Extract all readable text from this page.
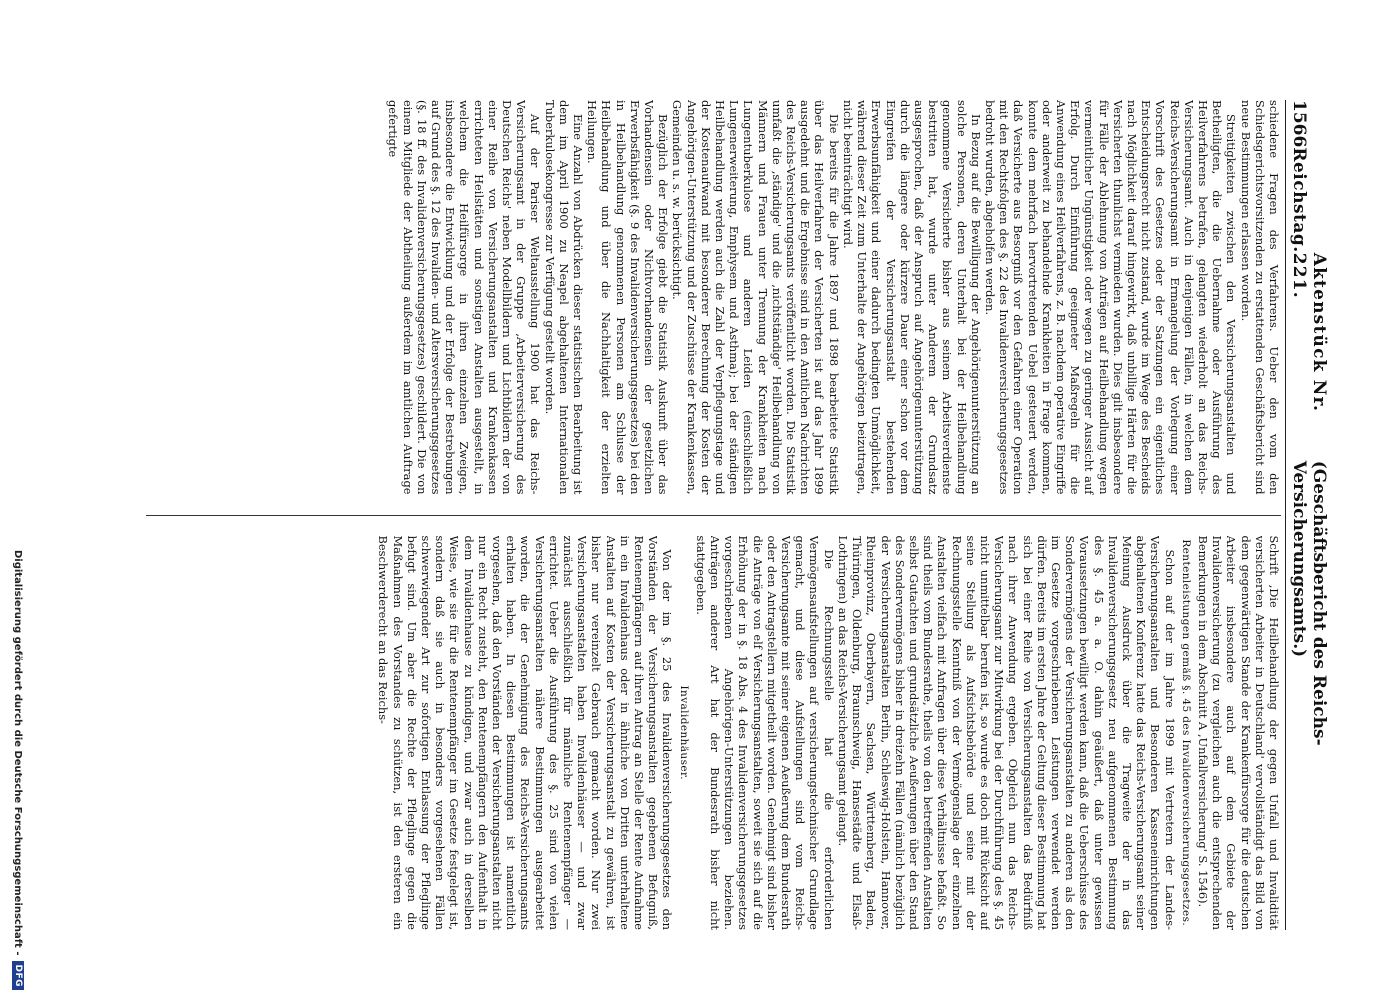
1566
Reichstag.
Aktenstück Nr. 221.
(Geschäftsbericht des Reichs-Versicherungsamts.)

schiedene Fragen des Verfahrens. Ueber den vom den Schiedsgerichtsvorsitzenden zu erstattenden Geschäftsbericht sind neue Bestimmungen erlassen worden.

Streitigkeiten zwischen den Versicherungsanstalten und Betheiligten, die die Uebernahme oder Ausführung des Heilverfahrens betrafen, gelangten wiederholt an das Reichs-Versicherungsamt. Auch in denjenigen Fällen, in welchen dem Reichs-Versicherungsamt in Ermangelung der Vorlegung einer Vorschrift des Gesetzes oder der Satzungen ein eigentliches Entscheidungsrecht nicht zustand, wurde im Wege des Bescheids nach Möglichkeit darauf hingewirkt, daß unbillige Härten für die Versicherten thunlichst vermieden wurden. Dies gilt insbesondere für Fälle der Ablehnung von Anträgen auf Heilbehandlung wegen vermeintlicher Ungünstigkeit oder wegen zu geringer Aussicht auf Erfolg. Durch Einführung geeigneter Maßregeln für die Anwendung eines Heilverfahrens, z. B. nachdem operative Eingriffe oder anderweit zu behandelnde Krankheiten in Frage kommen, konnte dem mehrfach hervortretenden Uebel gesteuert werden, daß Versicherte aus Besorgniß vor den Gefahren einer Operation mit den Rechtsfolgen des §. 22 des Invalidenversicherungsgesetzes bedroht wurden, abgeholfen werden.

In Bezug auf die Bewilligung der Angehörigenunterstützung an solche Personen, deren Unterhalt bei der Heilbehandlung genommene Versicherte bisher aus seinem Arbeitsverdienste bestritten hat, wurde unter Anderem der Grundsatz ausgesprochen, daß der Anspruch auf Angehörigenunterstützung durch die längere oder kürzere Dauer einer schon vor dem Eingreifen der Versicherungsanstalt bestehenden Erwerbsunfähigkeit und einer dadurch bedingten Unmöglichkeit, während dieser Zeit zum Unterhalte der Angehörigen beizutragen, nicht beeinträchtigt wird.

Die bereits für die Jahre 1897 und 1898 bearbeitete Statistik über das Heilverfahren der Versicherten ist auf das Jahr 1899 ausgedehnt und die Ergebnisse sind in den Amtlichen Nachrichten des Reichs-Versicherungsamts veröffentlicht worden. Die Statistik umfaßt die ‚ständige' und die ‚nichtständige' Heilbehandlung von Männern und Frauen unter Trennung der Krankheiten nach Lungentuberkulose und anderen Leiden (einschließlich Lungenerweiterung, Emphysem und Asthma); bei der ständigen Heilbehandlung werden auch die Zahl der Verpflegungstage und der Kostenaufwand mit besonderer Berechnung der Kosten der Angehörigen-Unterstützung und der Zuschüsse der Krankenkassen, Gemeinden u. s. w. berücksichtigt.

Bezüglich der Erfolge giebt die Statistik Auskunft über das Vorhandensein oder Nichtvorhandensein der gesetzlichen Erwerbsfähigkeit (§. 9 des Invalidenversicherungsgesetzes) bei den in Heilbehandlung genommenen Personen am Schlusse der Heilbehandlung und über die Nachhaltigkeit der erzielten Heilungen.

Eine Anzahl von Abdrücken dieser statistischen Bearbeitung ist dem im April 1900 zu Neapel abgehaltenen Internationalen Tuberkulosekongresse zur Verfügung gestellt worden.

Auf der Pariser Weltausstellung 1900 hat das Reichs-Versicherungsamt in der Gruppe ‚Arbeiterversicherung des Deutschen Reichs' neben Modellbildern und Lichtbildern der von einer Reihe von Versicherungsanstalten und Krankenkassen errichteten Heilstätten und sonstigen Anstalten ausgestellt, in welchem die Heilfürsorge in ihren einzelnen Zweigen, insbesondere die Entwicklung und der Erfolge der Bestrebungen auf Grund des §. 12 des Invaliden- und Altersversicherungsgesetzes (§. 18 ff. des Invalidenversicherungsgesetzes) geschildert. Die von einem Mitgliede der Abtheilung außerdem im amtlichen Auftrage gefertigte

Schrift ‚Die Heilbehandlung der gegen Unfall und Invalidität versicherten Arbeiter in Deutschland' vervollständigt das Bild von dem gegenwärtigen Stande der Krankenfürsorge für die deutschen Arbeiter insbesondere auch auf dem Gebiete der Invalidenversicherung (zu vergleichen auch die entsprechenden Bemerkungen in dem Abschnitt A ‚Unfallversicherung' S. 1546).

Rentenleistungen gemäß §. 45 des Invalidenversicherungsgesetzes.

Schon auf der im Jahre 1899 mit Vertretern der Landes-Versicherungsanstalten und Besonderen Kasseneinrichtungen abgehaltenen Konferenz hatte das Reichs-Versicherungsamt seiner Meinung Ausdruck über die Tragweite der in das Invalidenversicherungsgesetz neu aufgenommenen Bestimmung des §. 45 a. a. O. dahin geäußert, daß unter gewissen Voraussetzungen bewilligt werden kann, daß die Ueberschüsse des Sondervermögens der Versicherungsanstalten zu anderen als den im Gesetze vorgeschriebenen Leistungen verwendet werden dürfen. Bereits im ersten Jahre der Geltung dieser Bestimmung hat sich bei einer Reihe von Versicherungsanstalten das Bedürfniß nach ihrer Anwendung ergeben. Obgleich nun das Reichs-Versicherungsamt zur Mitwirkung bei der Durchführung des §. 45 nicht unmittelbar berufen ist, so wurde es doch mit Rücksicht auf seine Stellung als Aufsichtsbehörde und seine mit der Rechnungsstelle Kenntniß von der Vermögenslage der einzelnen Anstalten vielfach mit Anfragen über diese Verhältnisse befaßt. So sind theils vom Bundesrathe, theils von den betreffenden Anstalten selbst Gutachten und grundsätzliche Aeußerungen über den Stand des Sondervermögens bisher in dreizehn Fällen (nämlich bezüglich der Versicherungsanstalten Berlin, Schleswig-Holstein, Hannover, Rheinprovinz, Oberbayern, Sachsen, Württemberg, Baden, Thüringen, Oldenburg, Braunschweig, Hansestädte und Elsaß-Lothringen) an das Reichs-Versicherungsamt gelangt.

Die Rechnungsstelle hat die erforderlichen Vermögensaufstellungen auf versicherungstechnischer Grundlage gemacht, und diese Aufstellungen sind vom Reichs-Versicherungsamte mit seiner eigenen Aeußerung dem Bundesrath oder den Antragstellern mitgetheilt worden. Genehmigt sind bisher die Anträge von elf Versicherungsanstalten, soweit sie sich auf die Erhöhung der in §. 18 Abs. 4 des Invalidenversicherungsgesetzes vorgeschriebenen Angehörigen-Unterstützungen beziehen. Anträgen anderer Art hat der Bundesrath bisher nicht stattgegeben.

Invalidenhäuser.

Von der im §. 25 des Invalidenversicherungsgesetzes den Vorständen der Versicherungsanstalten gegebenen Befugniß, Rentenempfängern auf ihren Antrag an Stelle der Rente Aufnahme in ein Invalidenhaus oder in ähnliche von Dritten unterhaltene Anstalten auf Kosten der Versicherungsanstalt zu gewähren, ist bisher nur vereinzelt Gebrauch gemacht worden. Nur zwei Versicherungsanstalten haben Invalidenhäuser — und zwar zunächst ausschließlich für männliche Rentenempfänger — errichtet. Ueber die Ausführung des §. 25 sind von vielen Versicherungsanstalten nähere Bestimmungen ausgearbeitet worden, die der Genehmigung des Reichs-Versicherungsamts erhalten haben. In diesen Bestimmungen ist namentlich vorgesehen, daß den Vorständen der Versicherungsanstalten nicht nur ein Recht zusteht, den Rentenempfängern den Aufenthalt in dem Invalidenhause zu kündigen, und zwar auch in derselben Weise, wie sie für die Rentenempfänger im Gesetze festgelegt ist, sondern daß sie auch in besonders vorgesehenen Fällen schwerwiegender Art zur sofortigen Entlassung der Pfleglinge befugt sind. Um aber die Rechte der Pfleglinge gegen die Maßnahmen des Vorstandes zu schützen, ist den ersteren ein Beschwerderecht an das Reichs-

Digitalisierung gefördert durch die Deutsche Forschungsgemeinschaft -
DFG
